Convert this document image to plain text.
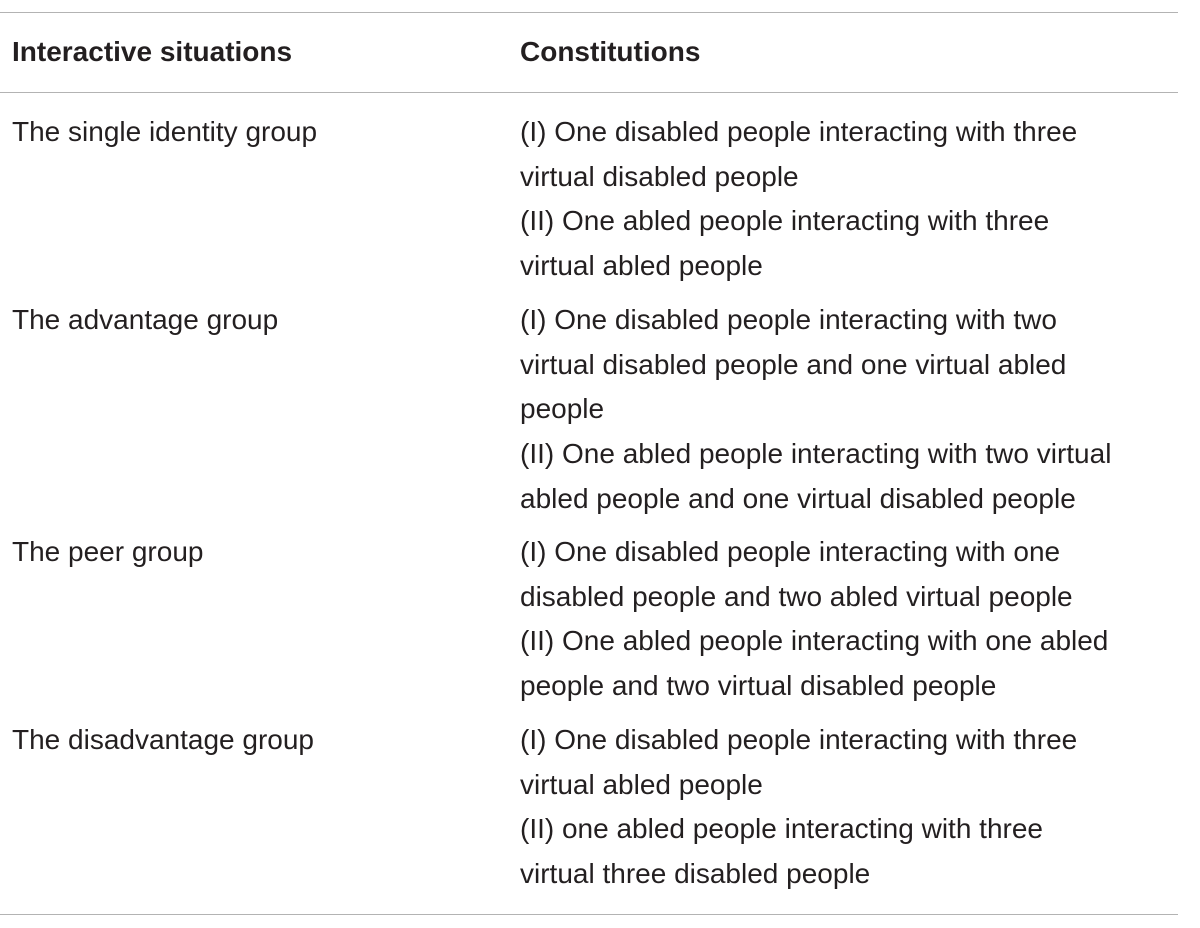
Interactive situations	Constitutions
The single identity group	(I) One disabled people interacting with three
virtual disabled people
(II) One abled people interacting with three
virtual abled people
The advantage group	(I) One disabled people interacting with two
virtual disabled people and one virtual abled
people
(II) One abled people interacting with two virtual
abled people and one virtual disabled people
The peer group	(I) One disabled people interacting with one
disabled people and two abled virtual people
(II) One abled people interacting with one abled
people and two virtual disabled people
The disadvantage group	(I) One disabled people interacting with three
virtual abled people
(II) one abled people interacting with three
virtual three disabled people
